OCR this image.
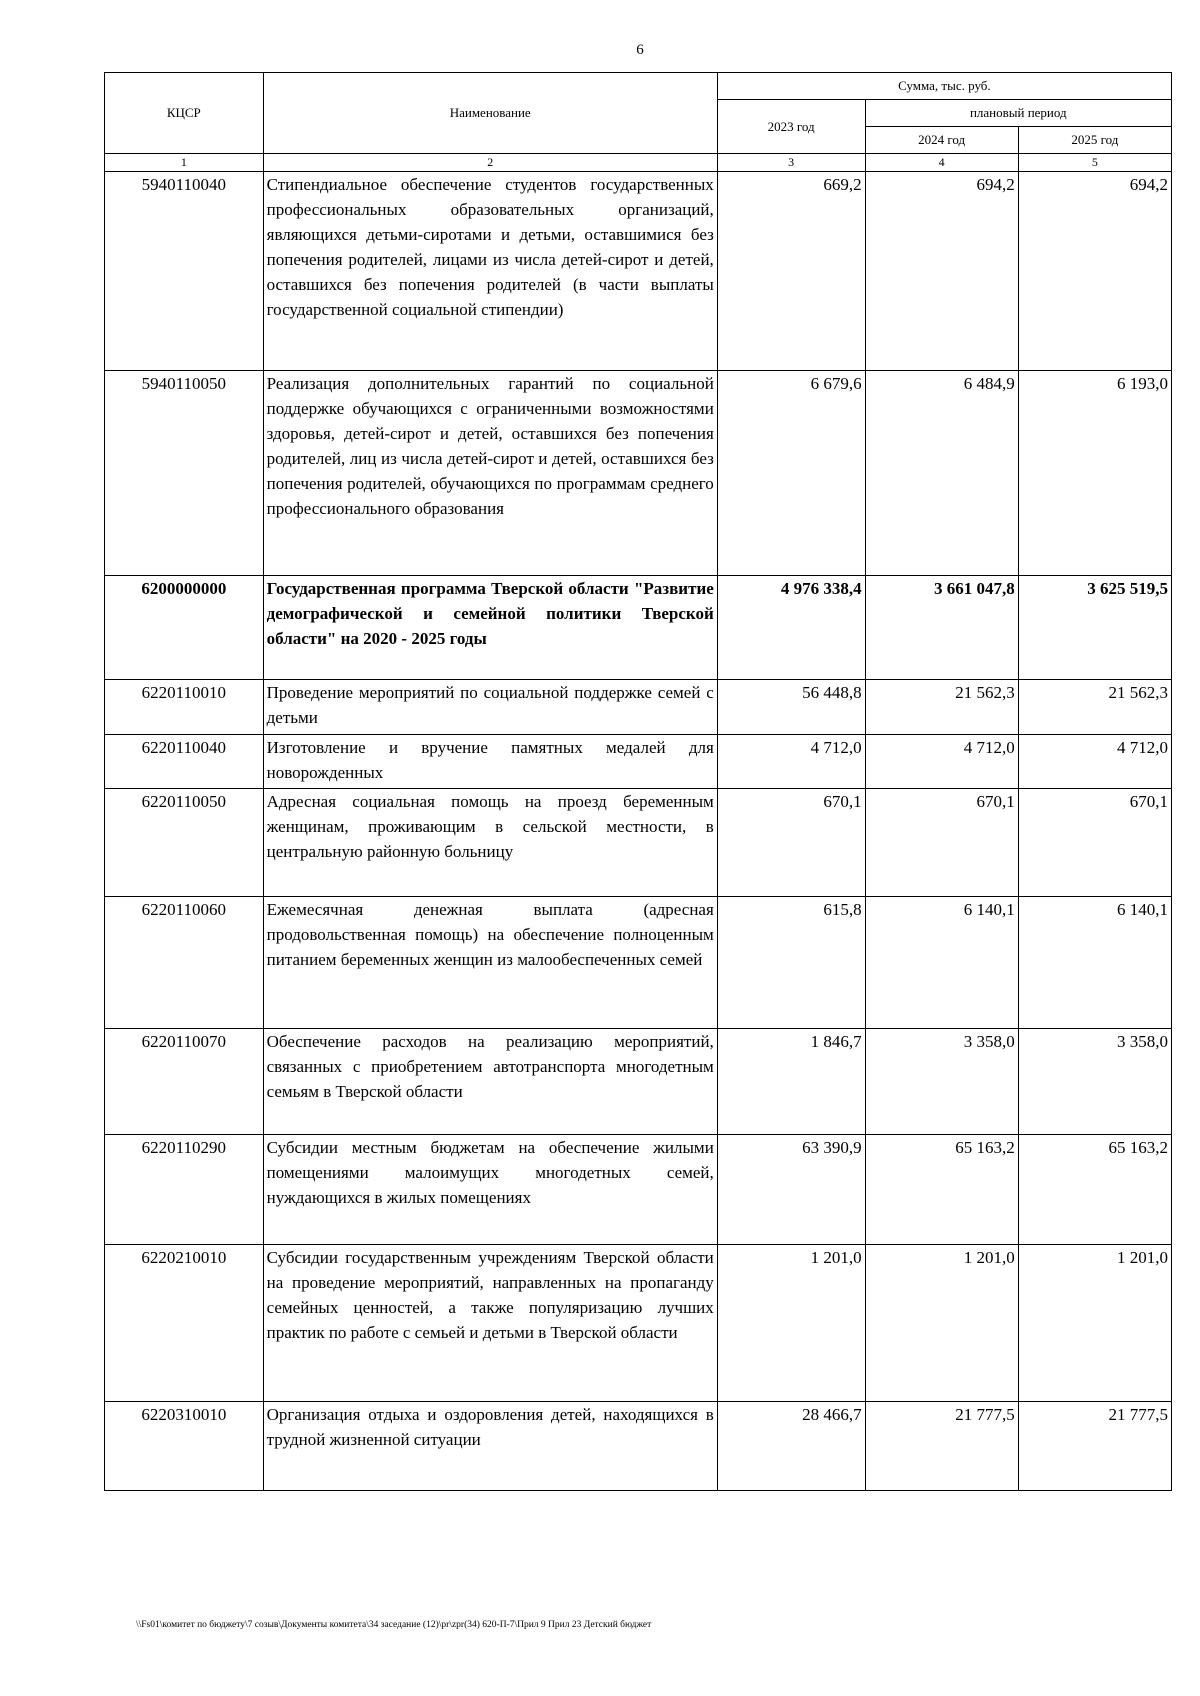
6
КЦСР	Наименование	Сумма, тыс. руб.		
		2023 год	плановый период	
			2024 год	2025 год
1	2	3	4	5
5940110040	Стипендиальное обеспечение студентов государственных профессиональных образовательных организаций, являющихся детьми-сиротами и детьми, оставшимися без попечения родителей, лицами из числа детей-сирот и детей, оставшихся без попечения родителей (в части выплаты государственной социальной стипендии)	669,2	694,2	694,2
5940110050	Реализация дополнительных гарантий по социальной поддержке обучающихся с ограниченными возможностями здоровья, детей-сирот и детей, оставшихся без попечения родителей, лиц из числа детей-сирот и детей, оставшихся без попечения родителей, обучающихся по программам среднего профессионального образования	6 679,6	6 484,9	6 193,0
6200000000	Государственная программа Тверской области "Развитие демографической и семейной политики Тверской области" на 2020 - 2025 годы	4 976 338,4	3 661 047,8	3 625 519,5
6220110010	Проведение мероприятий по социальной поддержке семей с детьми	56 448,8	21 562,3	21 562,3
6220110040	Изготовление и вручение памятных медалей для новорожденных	4 712,0	4 712,0	4 712,0
6220110050	Адресная социальная помощь на проезд беременным женщинам, проживающим в сельской местности, в центральную районную больницу	670,1	670,1	670,1
6220110060	Ежемесячная денежная выплата (адресная продовольственная помощь) на обеспечение полноценным питанием беременных женщин из малообеспеченных семей	615,8	6 140,1	6 140,1
6220110070	Обеспечение расходов на реализацию мероприятий, связанных с приобретением автотранспорта многодетным семьям в Тверской области	1 846,7	3 358,0	3 358,0
6220110290	Субсидии местным бюджетам на обеспечение жилыми помещениями малоимущих многодетных семей, нуждающихся в жилых помещениях	63 390,9	65 163,2	65 163,2
6220210010	Субсидии государственным учреждениям Тверской области на проведение мероприятий, направленных на пропаганду семейных ценностей, а также популяризацию лучших практик по работе с семьей и детьми в Тверской области	1 201,0	1 201,0	1 201,0
6220310010	Организация отдыха и оздоровления детей, находящихся в трудной жизненной ситуации	28 466,7	21 777,5	21 777,5
\\Fs01\комитет по бюджету\7 созыв\Документы комитета\34 заседание (12)\pr\zpr(34) 620-П-7\Прил 9 Прил 23 Детский бюджет
